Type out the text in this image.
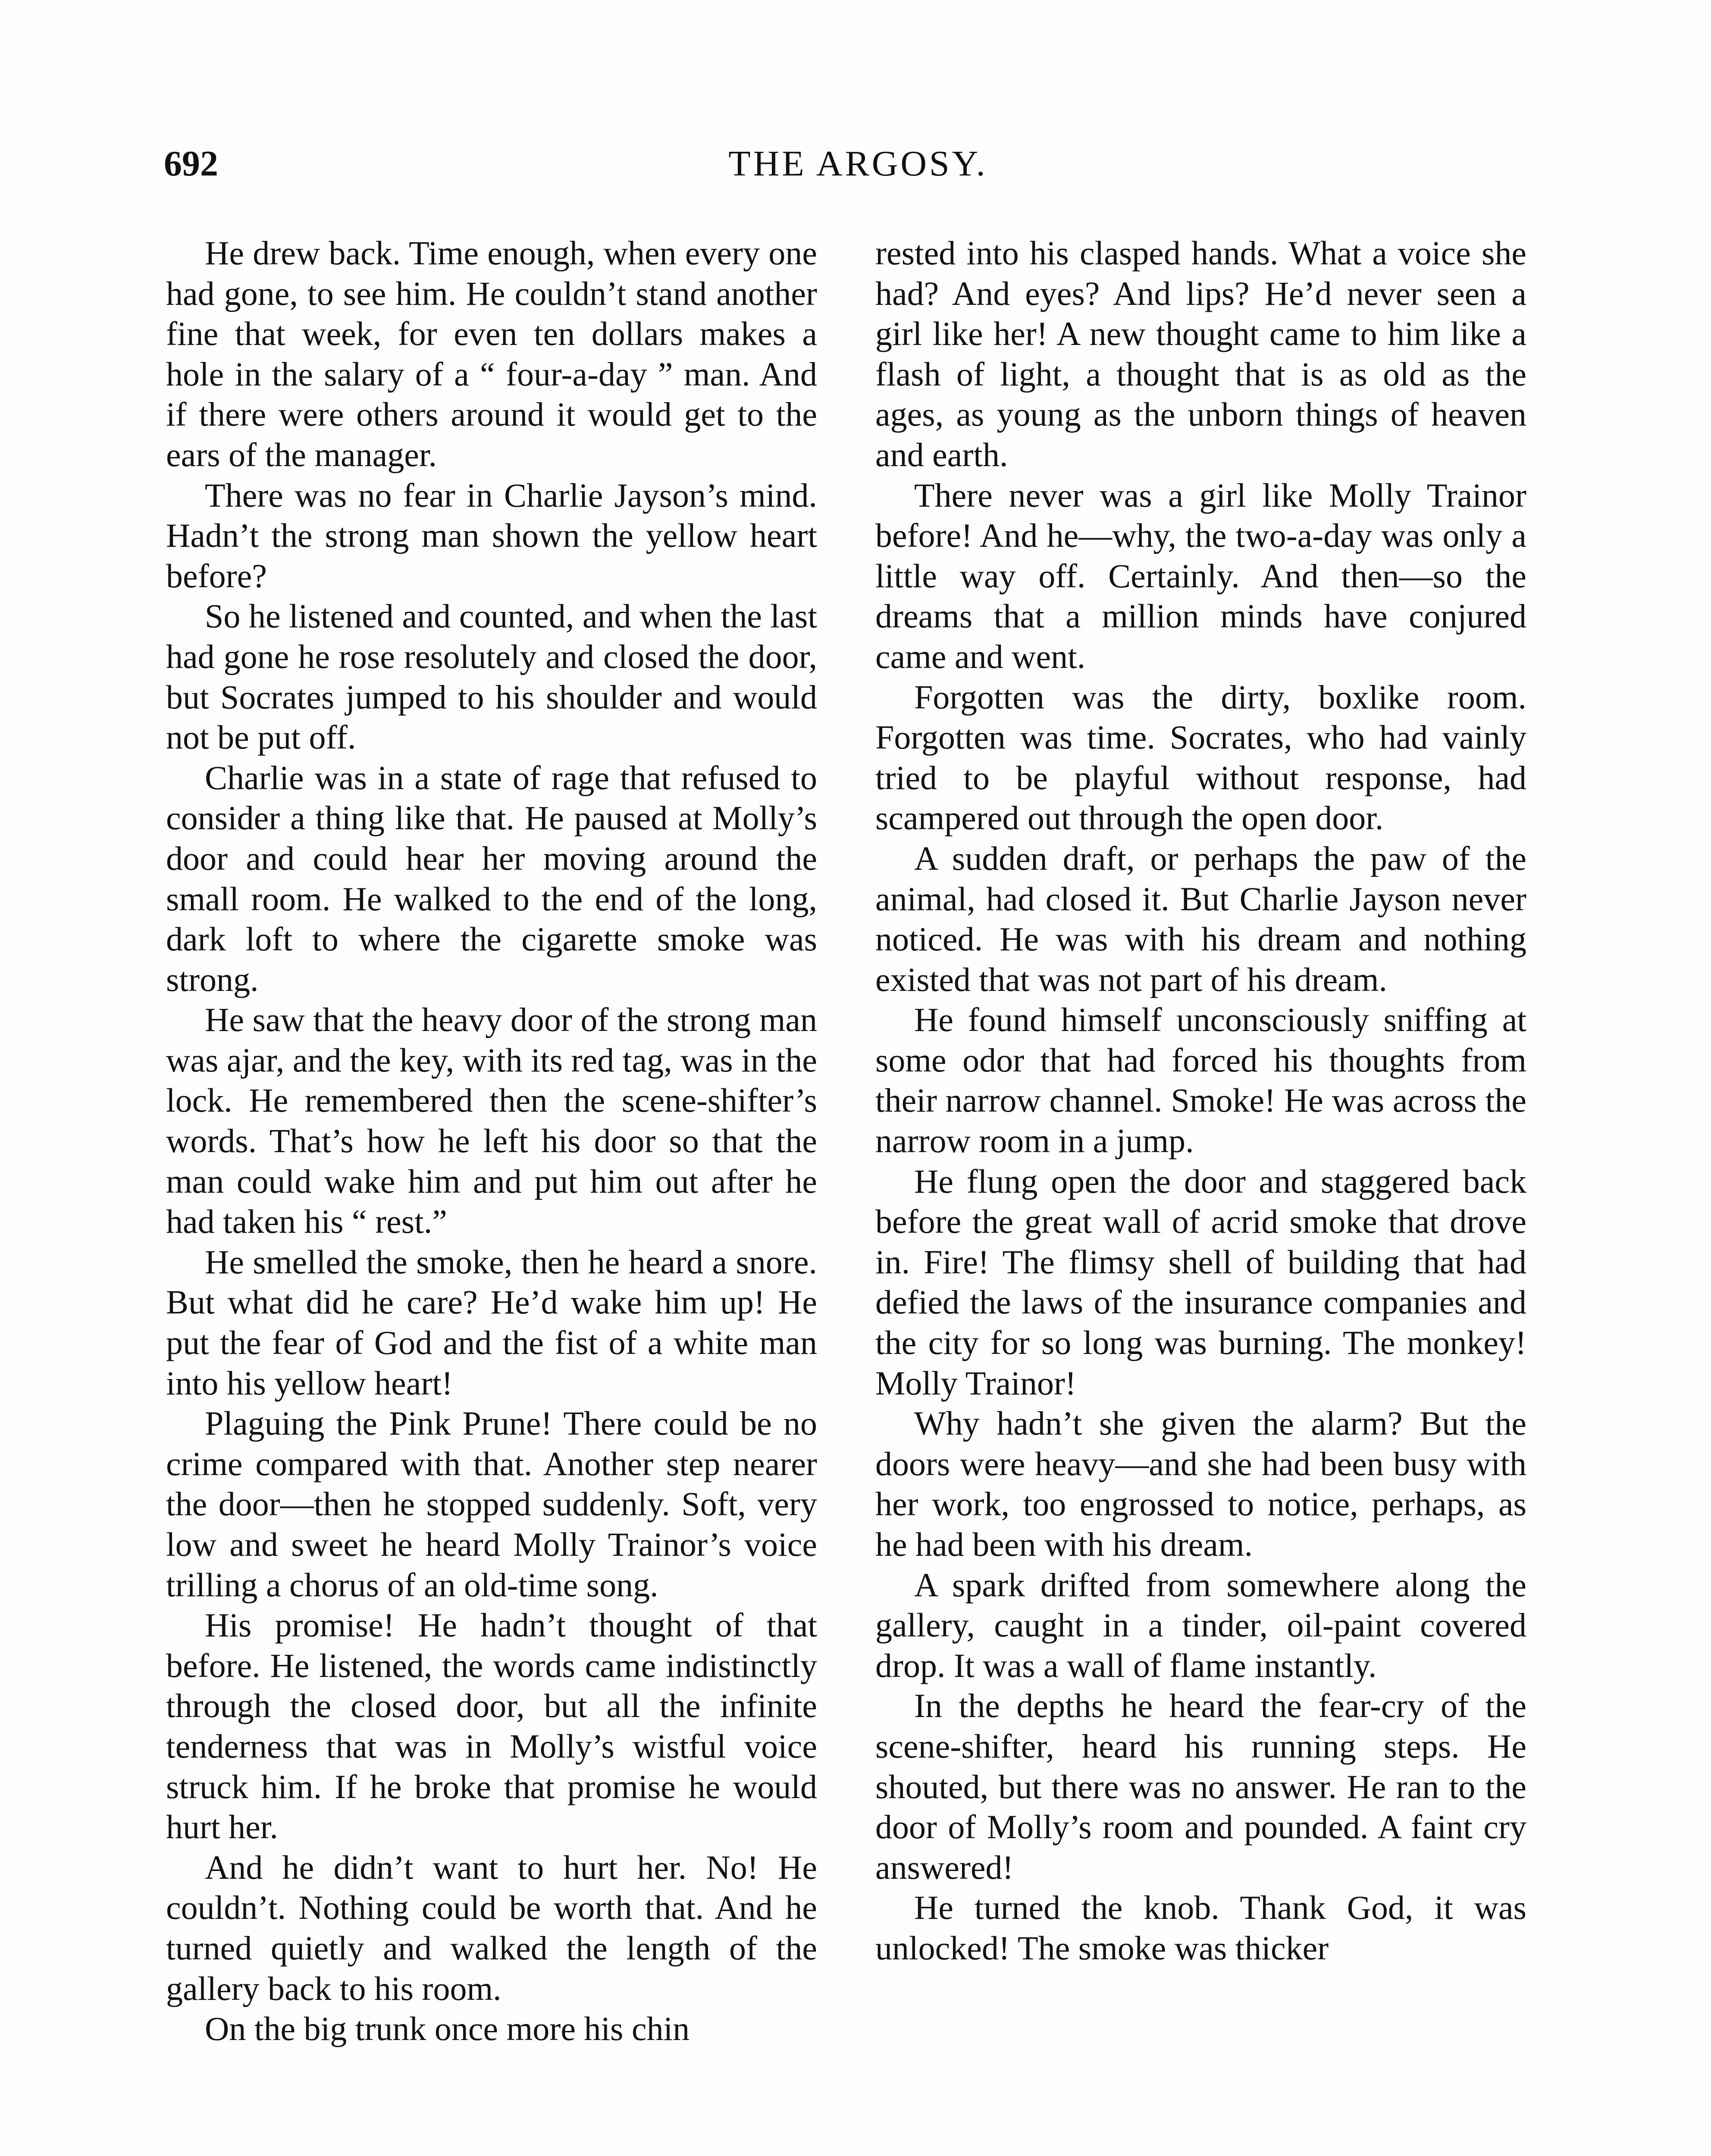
692	THE ARGOSY.

He drew back. Time enough, when every one had gone, to see him. He couldn’t stand another fine that week, for even ten dollars makes a hole in the salary of a “ four-a-day ” man. And if there were others around it would get to the ears of the manager.

There was no fear in Charlie Jayson’s mind. Hadn’t the strong man shown the yellow heart before?

So he listened and counted, and when the last had gone he rose resolutely and closed the door, but Socrates jumped to his shoulder and would not be put off.

Charlie was in a state of rage that refused to consider a thing like that. He paused at Molly’s door and could hear her moving around the small room. He walked to the end of the long, dark loft to where the cigarette smoke was strong.

He saw that the heavy door of the strong man was ajar, and the key, with its red tag, was in the lock. He remembered then the scene-shifter’s words. That’s how he left his door so that the man could wake him and put him out after he had taken his “ rest.”

He smelled the smoke, then he heard a snore. But what did he care? He’d wake him up! He put the fear of God and the fist of a white man into his yellow heart!

Plaguing the Pink Prune! There could be no crime compared with that. Another step nearer the door—then he stopped suddenly. Soft, very low and sweet he heard Molly Trainor’s voice trilling a chorus of an old-time song.

His promise! He hadn’t thought of that before. He listened, the words came indistinctly through the closed door, but all the infinite tenderness that was in Molly’s wistful voice struck him. If he broke that promise he would hurt her.

And he didn’t want to hurt her. No! He couldn’t. Nothing could be worth that. And he turned quietly and walked the length of the gallery back to his room.

On the big trunk once more his chin

rested into his clasped hands. What a voice she had? And eyes? And lips? He’d never seen a girl like her! A new thought came to him like a flash of light, a thought that is as old as the ages, as young as the unborn things of heaven and earth.

There never was a girl like Molly Trainor before! And he—why, the two-a-day was only a little way off. Certainly. And then—so the dreams that a million minds have conjured came and went.

Forgotten was the dirty, boxlike room. Forgotten was time. Socrates, who had vainly tried to be playful without response, had scampered out through the open door.

A sudden draft, or perhaps the paw of the animal, had closed it. But Charlie Jayson never noticed. He was with his dream and nothing existed that was not part of his dream.

He found himself unconsciously sniffing at some odor that had forced his thoughts from their narrow channel. Smoke! He was across the narrow room in a jump.

He flung open the door and staggered back before the great wall of acrid smoke that drove in. Fire! The flimsy shell of building that had defied the laws of the insurance companies and the city for so long was burning. The monkey! Molly Trainor!

Why hadn’t she given the alarm? But the doors were heavy—and she had been busy with her work, too engrossed to notice, perhaps, as he had been with his dream.

A spark drifted from somewhere along the gallery, caught in a tinder, oil-paint covered drop. It was a wall of flame instantly.

In the depths he heard the fear-cry of the scene-shifter, heard his running steps. He shouted, but there was no answer. He ran to the door of Molly’s room and pounded. A faint cry answered!

He turned the knob. Thank God, it was unlocked! The smoke was thicker
